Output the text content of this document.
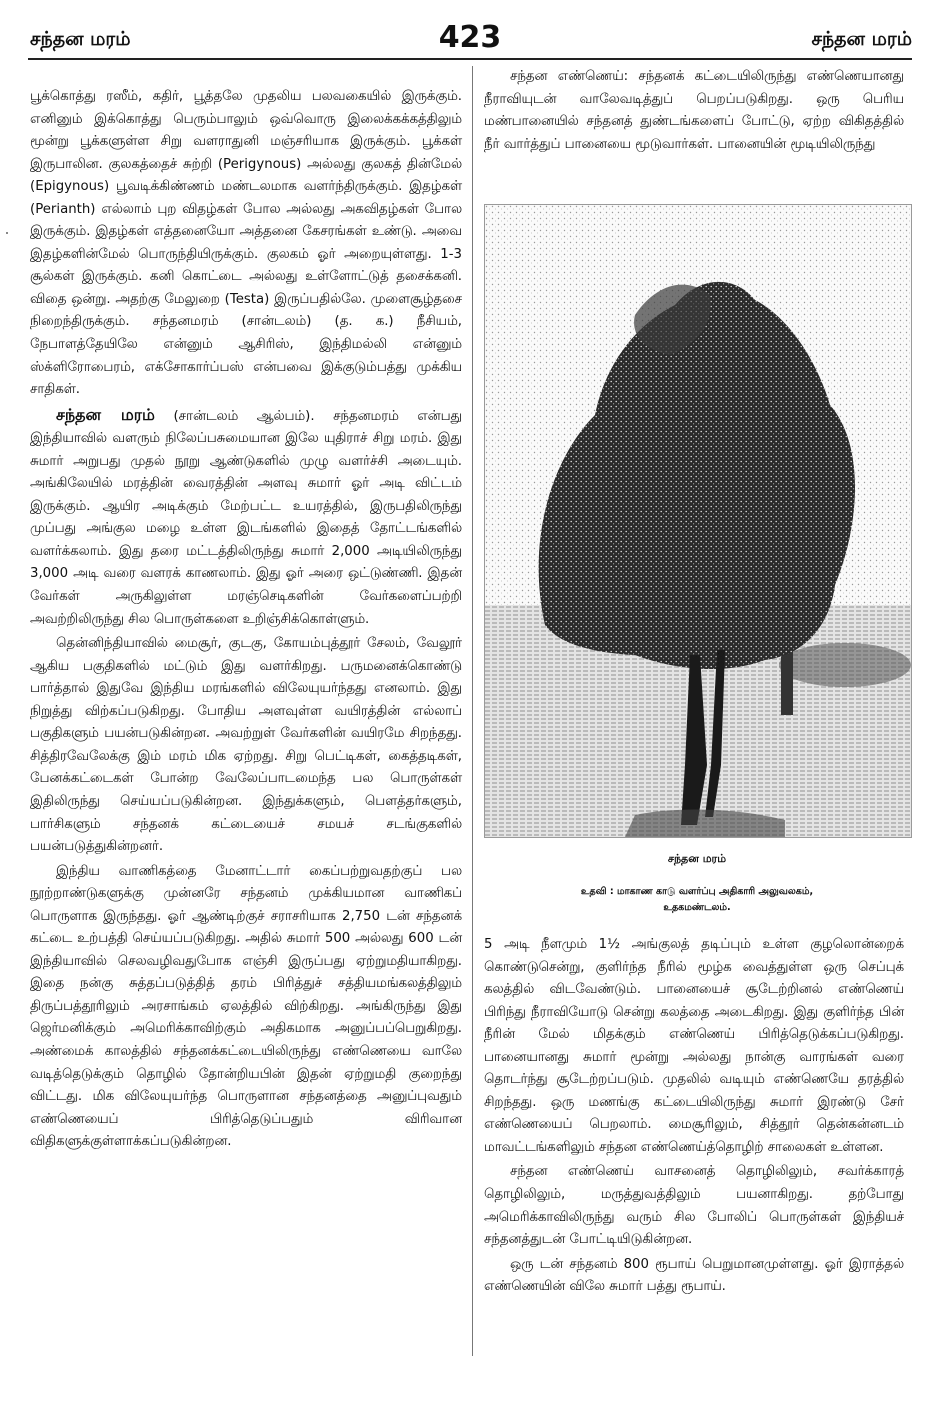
சந்தன மரம்	423	சந்தன மரம்

பூக்கொத்து ரஸீம், கதிர், பூத்தலே முதலிய பலவகையில் இருக்கும். எனினும் இக்கொத்து பெரும்பாலும் ஒவ்வொரு இலைக்கக்கத்திலும் மூன்று பூக்களுள்ள சிறு வளராதுனி மஞ்சரியாக இருக்கும். பூக்கள் இருபாலின. குலகத்தைச் சுற்றி (Perigynous) அல்லது குலகத் தின்மேல் (Epigynous) பூவடிக்கிண்ணம் மண்டலமாக வளர்ந்திருக்கும். இதழ்கள் (Perianth) எல்லாம் புற விதழ்கள் போல அல்லது அகவிதழ்கள் போல இருக்கும். இதழ்கள் எத்தனையோ அத்தனை கேசரங்கள் உண்டு. அவை இதழ்களின்மேல் பொருந்தியிருக்கும். குலகம் ஓர் அறையுள்ளது. 1-3 சூல்கள் இருக்கும். கனி கொட்டை அல்லது உள்ளோட்டுத் தசைக்கனி. விதை ஒன்று. அதற்கு மேலுறை (Testa) இருப்பதில்லே. முளைசூழ்தசை நிறைந்திருக்கும். சந்தனமரம் (சான்டலம்) (த. க.) நீசியம், நேபாளத்தேயிலே என்னும் ஆசிரிஸ், இந்திமல்லி என்னும் ஸ்க்ளிரோபைரம், எக்சோகார்ப்பஸ் என்பவை இக்குடும்பத்து முக்கிய சாதிகள்.

சந்தன மரம் (சான்டலம் ஆல்பம்). சந்தனமரம் என்பது இந்தியாவில் வளரும் நிலேப்பசுமையான இலே யுதிராச் சிறு மரம். இது சுமார் அறுபது முதல் நூறு ஆண்டுகளில் முழு வளர்ச்சி அடையும். அங்கிலேயில் மரத்தின் வைரத்தின் அளவு சுமார் ஓர் அடி விட்டம் இருக்கும். ஆயிர அடிக்கும் மேற்பட்ட உயரத்தில், இருபதிலிருந்து முப்பது அங்குல மழை உள்ள இடங்களில் இதைத் தோட்டங்களில் வளர்க்கலாம். இது தரை மட்டத்திலிருந்து சுமார் 2,000 அடியிலிருந்து 3,000 அடி வரை வளரக் காணலாம். இது ஓர் அரை ஒட்டுண்ணி. இதன் வேர்கள் அருகிலுள்ள மரஞ்செடிகளின் வேர்களைப்பற்றி அவற்றிலிருந்து சில பொருள்களை உறிஞ்சிக்கொள்ளும்.

தென்னிந்தியாவில் மைசூர், குடகு, கோயம்புத்தூர் சேலம், வேலூர் ஆகிய பகுதிகளில் மட்டும் இது வளர்கிறது. பருமனைக்கொண்டு பார்த்தால் இதுவே இந்திய மரங்களில் விலேயுயர்ந்தது எனலாம். இது நிறுத்து விற்கப்படுகிறது. போதிய அளவுள்ள வயிரத்தின் எல்லாப் பகுதிகளும் பயன்படுகின்றன. அவற்றுள் வேர்களின் வயிரமே சிறந்தது. சித்திரவேலேக்கு இம் மரம் மிக ஏற்றது. சிறு பெட்டிகள், கைத்தடிகள், பேனக்கட்டைகள் போன்ற வேலேப்பாடமைந்த பல பொருள்கள் இதிலிருந்து செய்யப்படுகின்றன. இந்துக்களும், பௌத்தர்களும், பார்சிகளும் சந்தனக் கட்டையைச் சமயச் சடங்குகளில் பயன்படுத்துகின்றனர்.

இந்திய வாணிகத்தை மேனாட்டார் கைப்பற்றுவதற்குப் பல நூற்றாண்டுகளுக்கு முன்னரே சந்தனம் முக்கியமான வாணிகப் பொருளாக இருந்தது. ஓர் ஆண்டிற்குச் சராசரியாக 2,750 டன் சந்தனக் கட்டை உற்பத்தி செய்யப்படுகிறது. அதில் சுமார் 500 அல்லது 600 டன் இந்தியாவில் செலவழிவதுபோக எஞ்சி இருப்பது ஏற்றுமதியாகிறது. இதை நன்கு சுத்தப்படுத்தித் தரம் பிரித்துச் சத்தியமங்கலத்திலும் திருப்பத்தூரிலும் அரசாங்கம் ஏலத்தில் விற்கிறது. அங்கிருந்து இது ஜெர்மனிக்கும் அமெரிக்காவிற்கும் அதிகமாக அனுப்பப்பெறுகிறது. அண்மைக் காலத்தில் சந்தனக்கட்டையிலிருந்து எண்ணெயை வாலே வடித்தெடுக்கும் தொழில் தோன்றியபின் இதன் ஏற்றுமதி குறைந்து விட்டது. மிக விலேயுயர்ந்த பொருளான சந்தனத்தை அனுப்புவதும் எண்ணெயைப் பிரித்தெடுப்பதும் விரிவான விதிகளுக்குள்ளாக்கப்படுகின்றன.

சந்தன எண்ணெய்: சந்தனக் கட்டையிலிருந்து எண்ணெயானது நீராவியுடன் வாலேவடித்துப் பெறப்படுகிறது. ஒரு பெரிய மண்பானையில் சந்தனத் துண்டங்களைப் போட்டு, ஏற்ற விகிதத்தில் நீர் வார்த்துப் பானையை மூடுவார்கள். பானையின் மூடியிலிருந்து

சந்தன மரம்
உதவி : மாகாண காடு வளர்ப்பு அதிகாரி அலுவலகம்,
உதகமண்டலம்.

5 அடி நீளமும் 1½ அங்குலத் தடிப்பும் உள்ள குழலொன்றைக் கொண்டுசென்று, குளிர்ந்த நீரில் மூழ்க வைத்துள்ள ஒரு செப்புக் கலத்தில் விடவேண்டும். பானையைச் சூடேற்றினல் எண்ணெய் பிரிந்து நீராவியோடு சென்று கலத்தை அடைகிறது. இது குளிர்ந்த பின் நீரின் மேல் மிதக்கும் எண்ணெய் பிரித்தெடுக்கப்படுகிறது. பானையானது சுமார் மூன்று அல்லது நான்கு வாரங்கள் வரை தொடர்ந்து சூடேற்றப்படும். முதலில் வடியும் எண்ணெயே தரத்தில் சிறந்தது. ஒரு மணங்கு கட்டையிலிருந்து சுமார் இரண்டு சேர் எண்ணெயைப் பெறலாம். மைசூரிலும், சித்தூர் தென்கன்னடம் மாவட்டங்களிலும் சந்தன எண்ணெய்த்தொழிற் சாலைகள் உள்ளன.

சந்தன எண்ணெய் வாசனைத் தொழிலிலும், சவர்க்காரத் தொழிலிலும், மருத்துவத்திலும் பயனாகிறது. தற்போது அமெரிக்காவிலிருந்து வரும் சில போலிப் பொருள்கள் இந்தியச் சந்தனத்துடன் போட்டியிடுகின்றன.

ஒரு டன் சந்தனம் 800 ரூபாய் பெறுமானமுள்ளது. ஓர் இராத்தல் எண்ணெயின் விலே சுமார் பத்து ரூபாய்.
